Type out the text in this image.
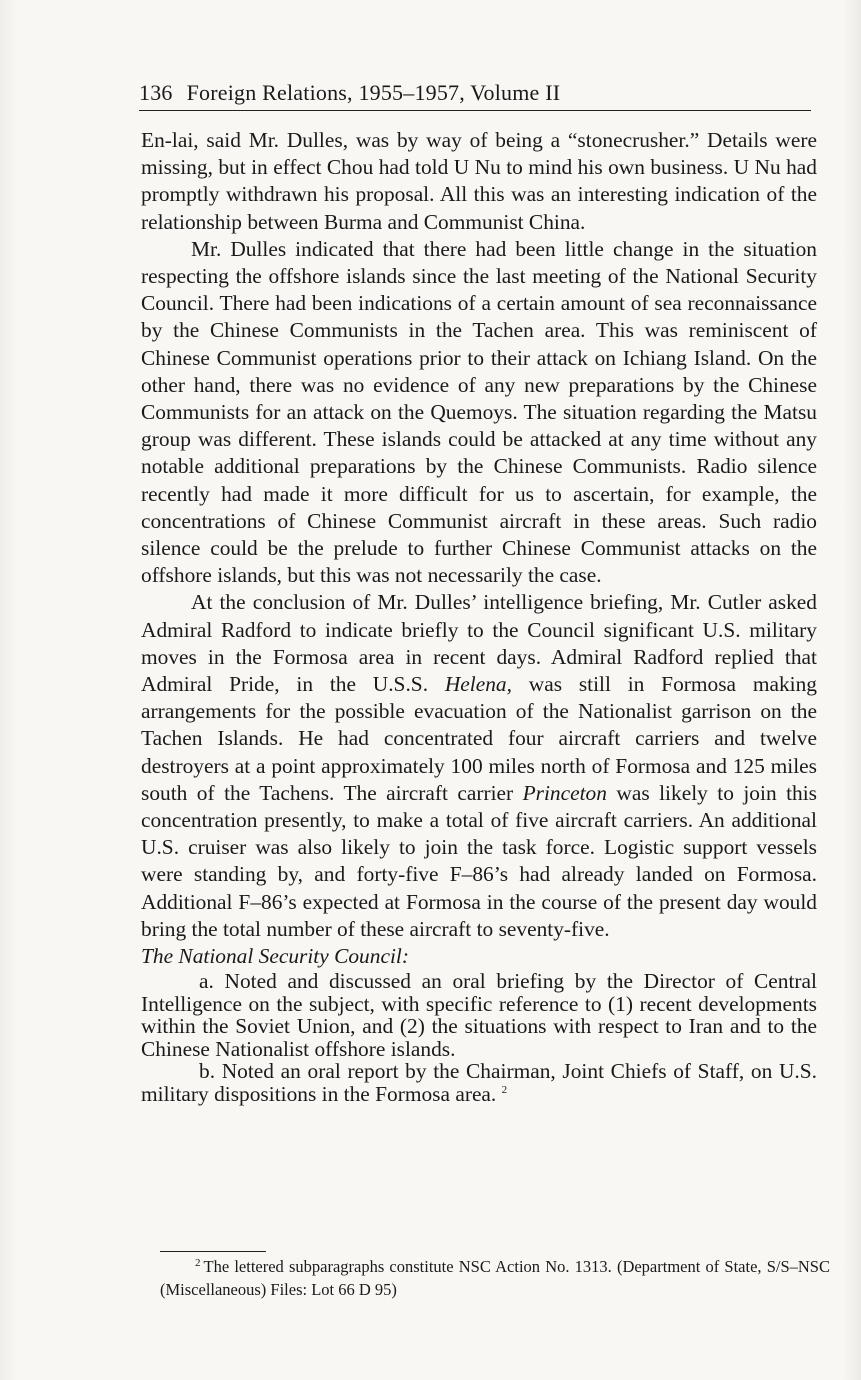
136 Foreign Relations, 1955–1957, Volume II

En-lai, said Mr. Dulles, was by way of being a “stonecrusher.” Details were missing, but in effect Chou had told U Nu to mind his own business. U Nu had promptly withdrawn his proposal. All this was an interesting indication of the relationship between Burma and Communist China.

Mr. Dulles indicated that there had been little change in the situation respecting the offshore islands since the last meeting of the National Security Council. There had been indications of a certain amount of sea reconnaissance by the Chinese Communists in the Tachen area. This was reminiscent of Chinese Communist operations prior to their attack on Ichiang Island. On the other hand, there was no evidence of any new preparations by the Chinese Communists for an attack on the Quemoys. The situation regarding the Matsu group was different. These islands could be attacked at any time without any notable additional preparations by the Chinese Communists. Radio silence recently had made it more difficult for us to ascertain, for example, the concentrations of Chinese Communist aircraft in these areas. Such radio silence could be the prelude to further Chinese Communist attacks on the offshore islands, but this was not necessarily the case.

At the conclusion of Mr. Dulles’ intelligence briefing, Mr. Cutler asked Admiral Radford to indicate briefly to the Council significant U.S. military moves in the Formosa area in recent days. Admiral Radford replied that Admiral Pride, in the U.S.S. Helena, was still in Formosa making arrangements for the possible evacuation of the Nationalist garrison on the Tachen Islands. He had concentrated four aircraft carriers and twelve destroyers at a point approximately 100 miles north of Formosa and 125 miles south of the Tachens. The aircraft carrier Princeton was likely to join this concentration presently, to make a total of five aircraft carriers. An additional U.S. cruiser was also likely to join the task force. Logistic support vessels were standing by, and forty-five F–86’s had already landed on Formosa. Additional F–86’s expected at Formosa in the course of the present day would bring the total number of these aircraft to seventy-five.

The National Security Council:

a. Noted and discussed an oral briefing by the Director of Central Intelligence on the subject, with specific reference to (1) recent developments within the Soviet Union, and (2) the situations with respect to Iran and to the Chinese Nationalist offshore islands.

b. Noted an oral report by the Chairman, Joint Chiefs of Staff, on U.S. military dispositions in the Formosa area. $^2$

$^2$ The lettered subparagraphs constitute NSC Action No. 1313. (Department of State, S/S–NSC (Miscellaneous) Files: Lot 66 D 95)
